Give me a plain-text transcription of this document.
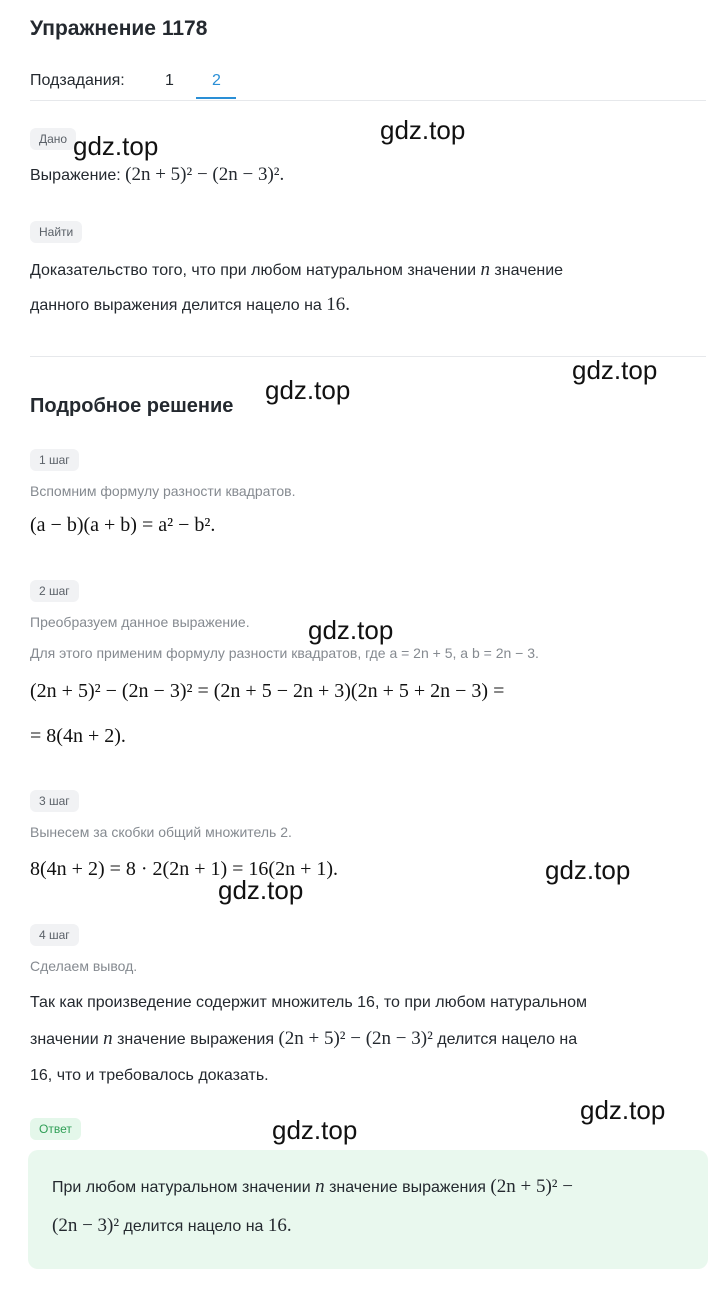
Упражнение 1178
Подзадания:	1 2
Дано
Выражение: (2n + 5)² − (2n − 3)².
Найти
Доказательство того, что при любом натуральном значении n значение
данного выражения делится нацело на 16.
Подробное решение
1 шаг
Вспомним формулу разности квадратов.
(a − b)(a + b) = a² − b².
2 шаг
Преобразуем данное выражение.
Для этого применим формулу разности квадратов, где a = 2n + 5, а b = 2n − 3.
(2n + 5)² − (2n − 3)² = (2n + 5 − 2n + 3)(2n + 5 + 2n − 3) =
= 8(4n + 2).
3 шаг
Вынесем за скобки общий множитель 2.
8(4n + 2) = 8 · 2(2n + 1) = 16(2n + 1).
4 шаг
Сделаем вывод.
Так как произведение содержит множитель 16, то при любом натуральном
значении n значение выражения (2n + 5)² − (2n − 3)² делится нацело на
16, что и требовалось доказать.
Ответ
При любом натуральном значении n значение выражения (2n + 5)² −
(2n − 3)² делится нацело на 16.
gdz.top
gdz.top
gdz.top
gdz.top
gdz.top
gdz.top
gdz.top
gdz.top
gdz.top
